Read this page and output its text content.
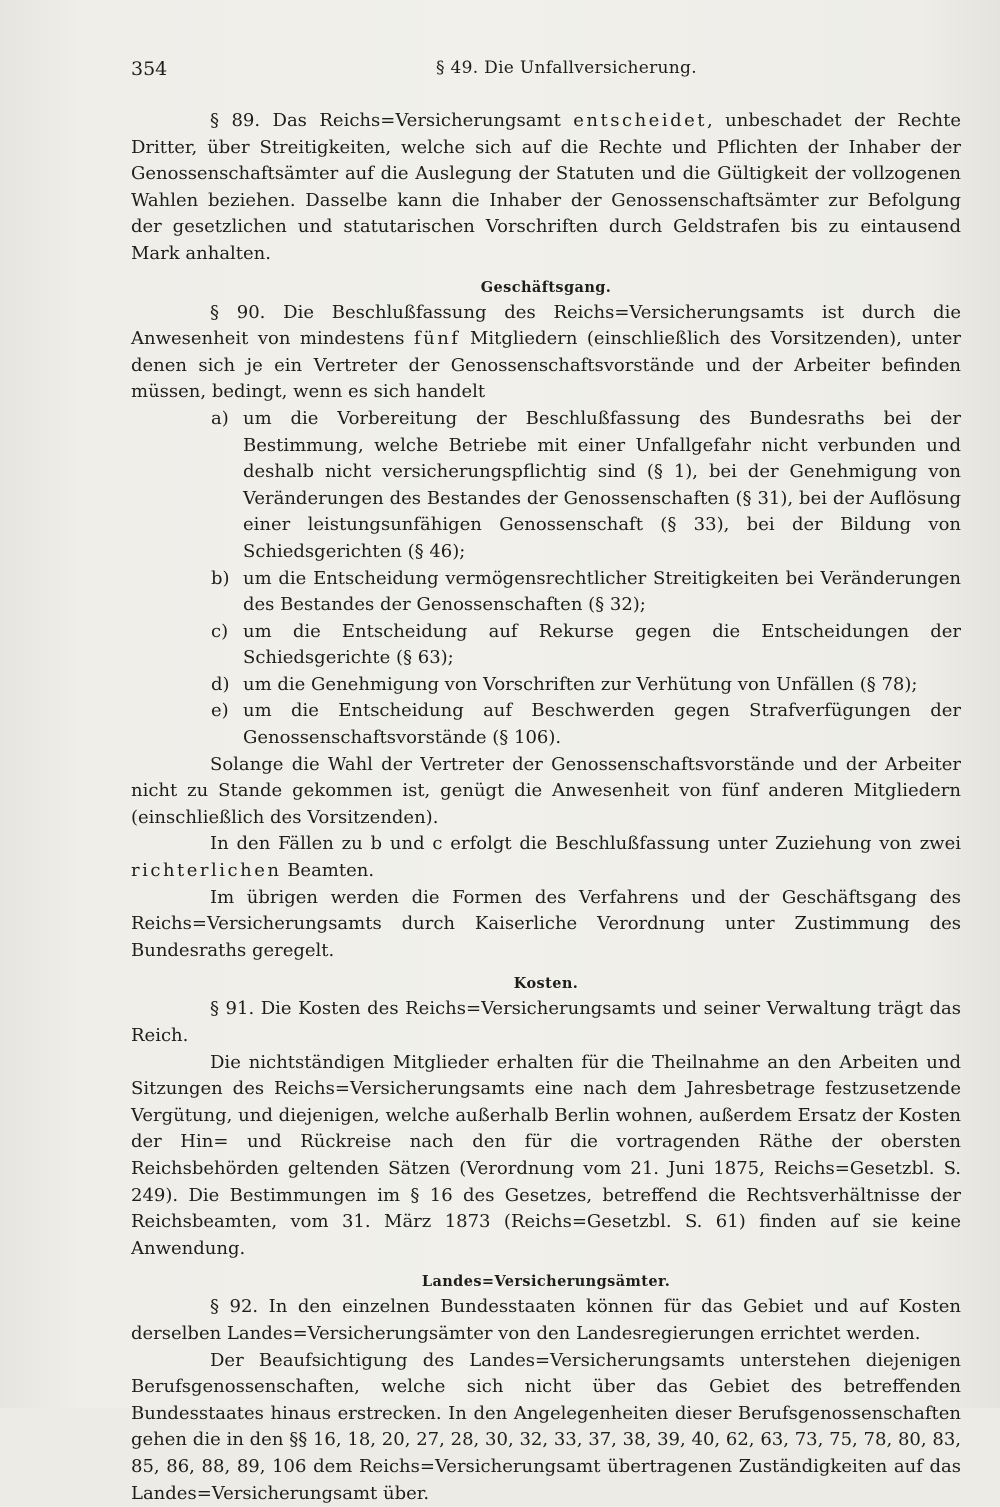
354	§ 49. Die Unfallversicherung.

§ 89. Das Reichs=Versicherungsamt entscheidet, unbeschadet der Rechte Dritter, über Streitigkeiten, welche sich auf die Rechte und Pflichten der Inhaber der Genossenschaftsämter auf die Auslegung der Statuten und die Gültigkeit der vollzogenen Wahlen beziehen. Dasselbe kann die Inhaber der Genossenschaftsämter zur Befolgung der gesetzlichen und statutarischen Vorschriften durch Geldstrafen bis zu eintausend Mark anhalten.

Geschäftsgang.

§ 90. Die Beschlußfassung des Reichs=Versicherungsamts ist durch die Anwesenheit von mindestens fünf Mitgliedern (einschließlich des Vorsitzenden), unter denen sich je ein Vertreter der Genossenschaftsvorstände und der Arbeiter befinden müssen, bedingt, wenn es sich handelt

a) um die Vorbereitung der Beschlußfassung des Bundesraths bei der Bestimmung, welche Betriebe mit einer Unfallgefahr nicht verbunden und deshalb nicht versicherungspflichtig sind (§ 1), bei der Genehmigung von Veränderungen des Bestandes der Genossenschaften (§ 31), bei der Auflösung einer leistungsunfähigen Genossenschaft (§ 33), bei der Bildung von Schiedsgerichten (§ 46);
b) um die Entscheidung vermögensrechtlicher Streitigkeiten bei Veränderungen des Bestandes der Genossenschaften (§ 32);
c) um die Entscheidung auf Rekurse gegen die Entscheidungen der Schiedsgerichte (§ 63);
d) um die Genehmigung von Vorschriften zur Verhütung von Unfällen (§ 78);
e) um die Entscheidung auf Beschwerden gegen Strafverfügungen der Genossenschaftsvorstände (§ 106).

Solange die Wahl der Vertreter der Genossenschaftsvorstände und der Arbeiter nicht zu Stande gekommen ist, genügt die Anwesenheit von fünf anderen Mitgliedern (einschließlich des Vorsitzenden).

In den Fällen zu b und c erfolgt die Beschlußfassung unter Zuziehung von zwei richterlichen Beamten.

Im übrigen werden die Formen des Verfahrens und der Geschäftsgang des Reichs=Versicherungsamts durch Kaiserliche Verordnung unter Zustimmung des Bundesraths geregelt.

Kosten.

§ 91. Die Kosten des Reichs=Versicherungsamts und seiner Verwaltung trägt das Reich.

Die nichtständigen Mitglieder erhalten für die Theilnahme an den Arbeiten und Sitzungen des Reichs=Versicherungsamts eine nach dem Jahresbetrage festzusetzende Vergütung, und diejenigen, welche außerhalb Berlin wohnen, außerdem Ersatz der Kosten der Hin= und Rückreise nach den für die vortragenden Räthe der obersten Reichsbehörden geltenden Sätzen (Verordnung vom 21. Juni 1875, Reichs=Gesetzbl. S. 249). Die Bestimmungen im § 16 des Gesetzes, betreffend die Rechtsverhältnisse der Reichsbeamten, vom 31. März 1873 (Reichs=Gesetzbl. S. 61) finden auf sie keine Anwendung.

Landes=Versicherungsämter.

§ 92. In den einzelnen Bundesstaaten können für das Gebiet und auf Kosten derselben Landes=Versicherungsämter von den Landesregierungen errichtet werden.

Der Beaufsichtigung des Landes=Versicherungsamts unterstehen diejenigen Berufsgenossenschaften, welche sich nicht über das Gebiet des betreffenden Bundesstaates hinaus erstrecken. In den Angelegenheiten dieser Berufsgenossenschaften gehen die in den §§ 16, 18, 20, 27, 28, 30, 32, 33, 37, 38, 39, 40, 62, 63, 73, 75, 78, 80, 83, 85, 86, 88, 89, 106 dem Reichs=Versicherungsamt übertragenen Zuständigkeiten auf das Landes=Versicherungsamt über.
